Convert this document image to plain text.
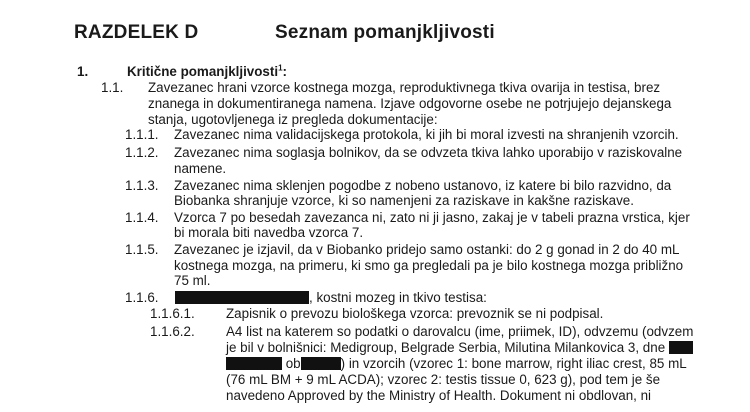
RAZDELEK D	Seznam pomanjkljivosti
1.	Kritične pomanjkljivosti$^1$:
1.1. Zavezanec hrani vzorce kostnega mozga, reproduktivnega tkiva ovarija in testisa, brez
znanega in dokumentiranega namena. Izjave odgovorne osebe ne potrjujejo dejanskega
stanja, ugotovljenega iz pregleda dokumentacije:
1.1.1. Zavezanec nima validacijskega protokola, ki jih bi moral izvesti na shranjenih vzorcih.
1.1.2. Zavezanec nima soglasja bolnikov, da se odvzeta tkiva lahko uporabijo v raziskovalne
namene.
1.1.3. Zavezanec nima sklenjen pogodbe z nobeno ustanovo, iz katere bi bilo razvidno, da
Biobanka shranjuje vzorce, ki so namenjeni za raziskave in kakšne raziskave.
1.1.4. Vzorca 7 po besedah zavezanca ni, zato ni ji jasno, zakaj je v tabeli prazna vrstica, kjer
bi morala biti navedba vzorca 7.
1.1.5. Zavezanec je izjavil, da v Biobanko pridejo samo ostanki: do 2 g gonad in 2 do 40 mL
kostnega mozga, na primeru, ki smo ga pregledali pa je bilo kostnega mozga približno
75 ml.
1.1.6.	, kostni mozeg in tkivo testisa:
1.1.6.1. Zapisnik o prevozu biološkega vzorca: prevoznik se ni podpisal.
1.1.6.2. A4 list na katerem so podatki o darovalcu (ime, priimek, ID), odvzemu (odvzem
je bil v bolnišnici: Medigroup, Belgrade Serbia, Milutina Milankovica 3, dne
ob	) in vzorcih (vzorec 1: bone marrow, right iliac crest, 85 mL
(76 mL BM + 9 mL ACDA); vzorec 2: testis tissue 0, 623 g), pod tem je še
navedeno Approved by the Ministry of Health. Dokument ni obdlovan, ni
